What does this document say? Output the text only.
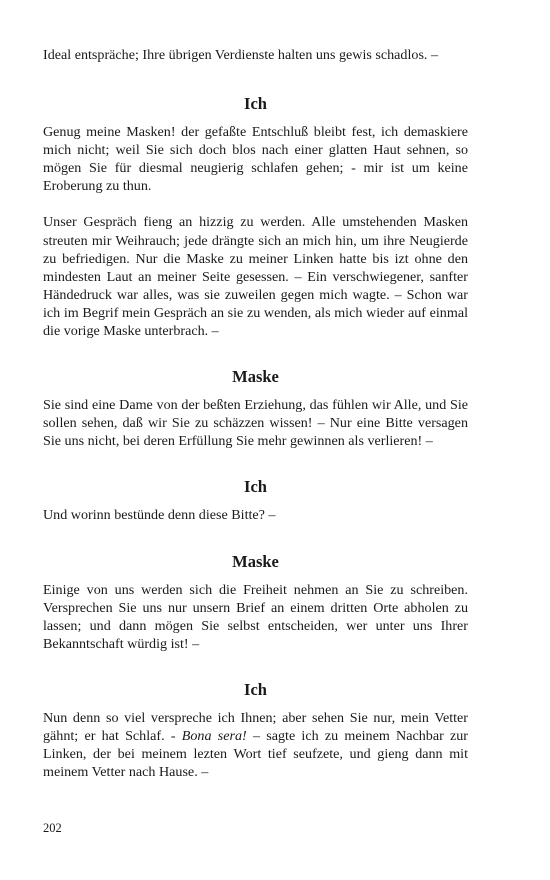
Ideal entspräche; Ihre übrigen Verdienste halten uns gewis schadlos. –

Ich

Genug meine Masken! der gefaßte Entschluß bleibt fest, ich demaskiere mich nicht; weil Sie sich doch blos nach einer glatten Haut sehnen, so mögen Sie für diesmal neugierig schlafen gehen; - mir ist um keine Eroberung zu thun.

Unser Gespräch fieng an hizzig zu werden. Alle umstehenden Masken streuten mir Weihrauch; jede drängte sich an mich hin, um ihre Neugierde zu befriedigen. Nur die Maske zu meiner Linken hatte bis izt ohne den mindesten Laut an meiner Seite gesessen. – Ein verschwiegener, sanfter Händedruck war alles, was sie zuweilen gegen mich wagte. – Schon war ich im Begrif mein Gespräch an sie zu wenden, als mich wieder auf einmal die vorige Maske unterbrach. –

Maske

Sie sind eine Dame von der beßten Erziehung, das fühlen wir Alle, und Sie sollen sehen, daß wir Sie zu schäzzen wissen! – Nur eine Bitte versagen Sie uns nicht, bei deren Erfüllung Sie mehr gewinnen als verlieren! –

Ich

Und worinn bestünde denn diese Bitte? –

Maske

Einige von uns werden sich die Freiheit nehmen an Sie zu schreiben. Versprechen Sie uns nur unsern Brief an einem dritten Orte abholen zu lassen; und dann mögen Sie selbst entscheiden, wer unter uns Ihrer Bekanntschaft würdig ist! –

Ich

Nun denn so viel verspreche ich Ihnen; aber sehen Sie nur, mein Vetter gähnt; er hat Schlaf. - Bona sera! – sagte ich zu meinem Nachbar zur Linken, der bei meinem lezten Wort tief seufzete, und gieng dann mit meinem Vetter nach Hause. –

202
